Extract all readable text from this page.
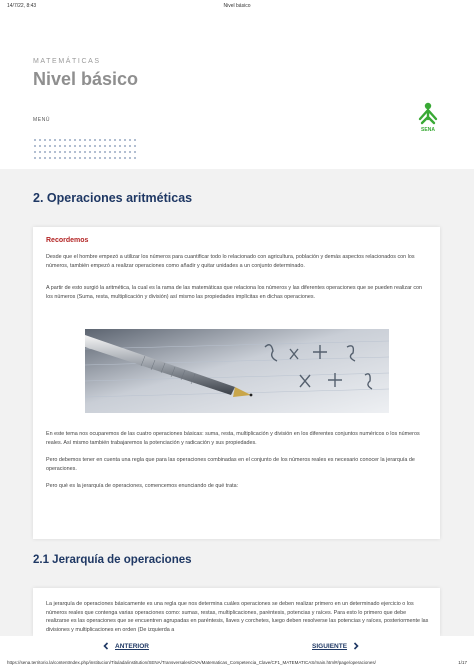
14/7/22, 8:43	Nivel básico
MATEMÁTICAS
Nivel básico
MENÚ
SENA
2. Operaciones aritméticas
Recordemos

Desde que el hombre empezó a utilizar los números para cuantificar todo lo relacionado con agricultura, población y demás aspectos relacionados con los números, también empezó a realizar operaciones como añadir y quitar unidades a un conjunto determinado.

A partir de esto surgió la aritmética, la cual es la rama de las matemáticas que relaciona los números y las diferentes operaciones que se pueden realizar con los números (Suma, resta, multiplicación y división) así mismo las propiedades implícitas en dichas operaciones.

En este tema nos ocuparemos de las cuatro operaciones básicas: suma, resta, multiplicación y división en los diferentes conjuntos numéricos o los números reales. Así mismo también trabajaremos la potenciación y radicación y sus propiedades.

Pero debemos tener en cuenta una regla que para las operaciones combinadas en el conjunto de los números reales es necesario conocer la jerarquía de operaciones.

Pero qué es la jerarquía de operaciones, comencemos enunciando de qué trata:

2.1 Jerarquía de operaciones

La jerarquía de operaciones básicamente es una regla que nos determina cuáles operaciones se deben realizar primero en un determinado ejercicio o los números reales que contenga varias operaciones como: sumas, restas, multiplicaciones, paréntesis, potencias y raíces. Para esto lo primero que debe realizarse es las operaciones que se encuentren agrupadas en paréntesis, llaves y corchetes, luego deben resolverse las potencias y raíces, posteriormente las divisiones y multiplicaciones en orden (De izquierda a

ANTERIOR	SIGUIENTE
https://sena.territorio.la/contentIndex.php/institucion/Titulada/institution/SENA/Transversales/OVA/Matematicas_Competencia_Clave/CF1_MATEMATICAS/main.html#/page/operaciones/	1/17
